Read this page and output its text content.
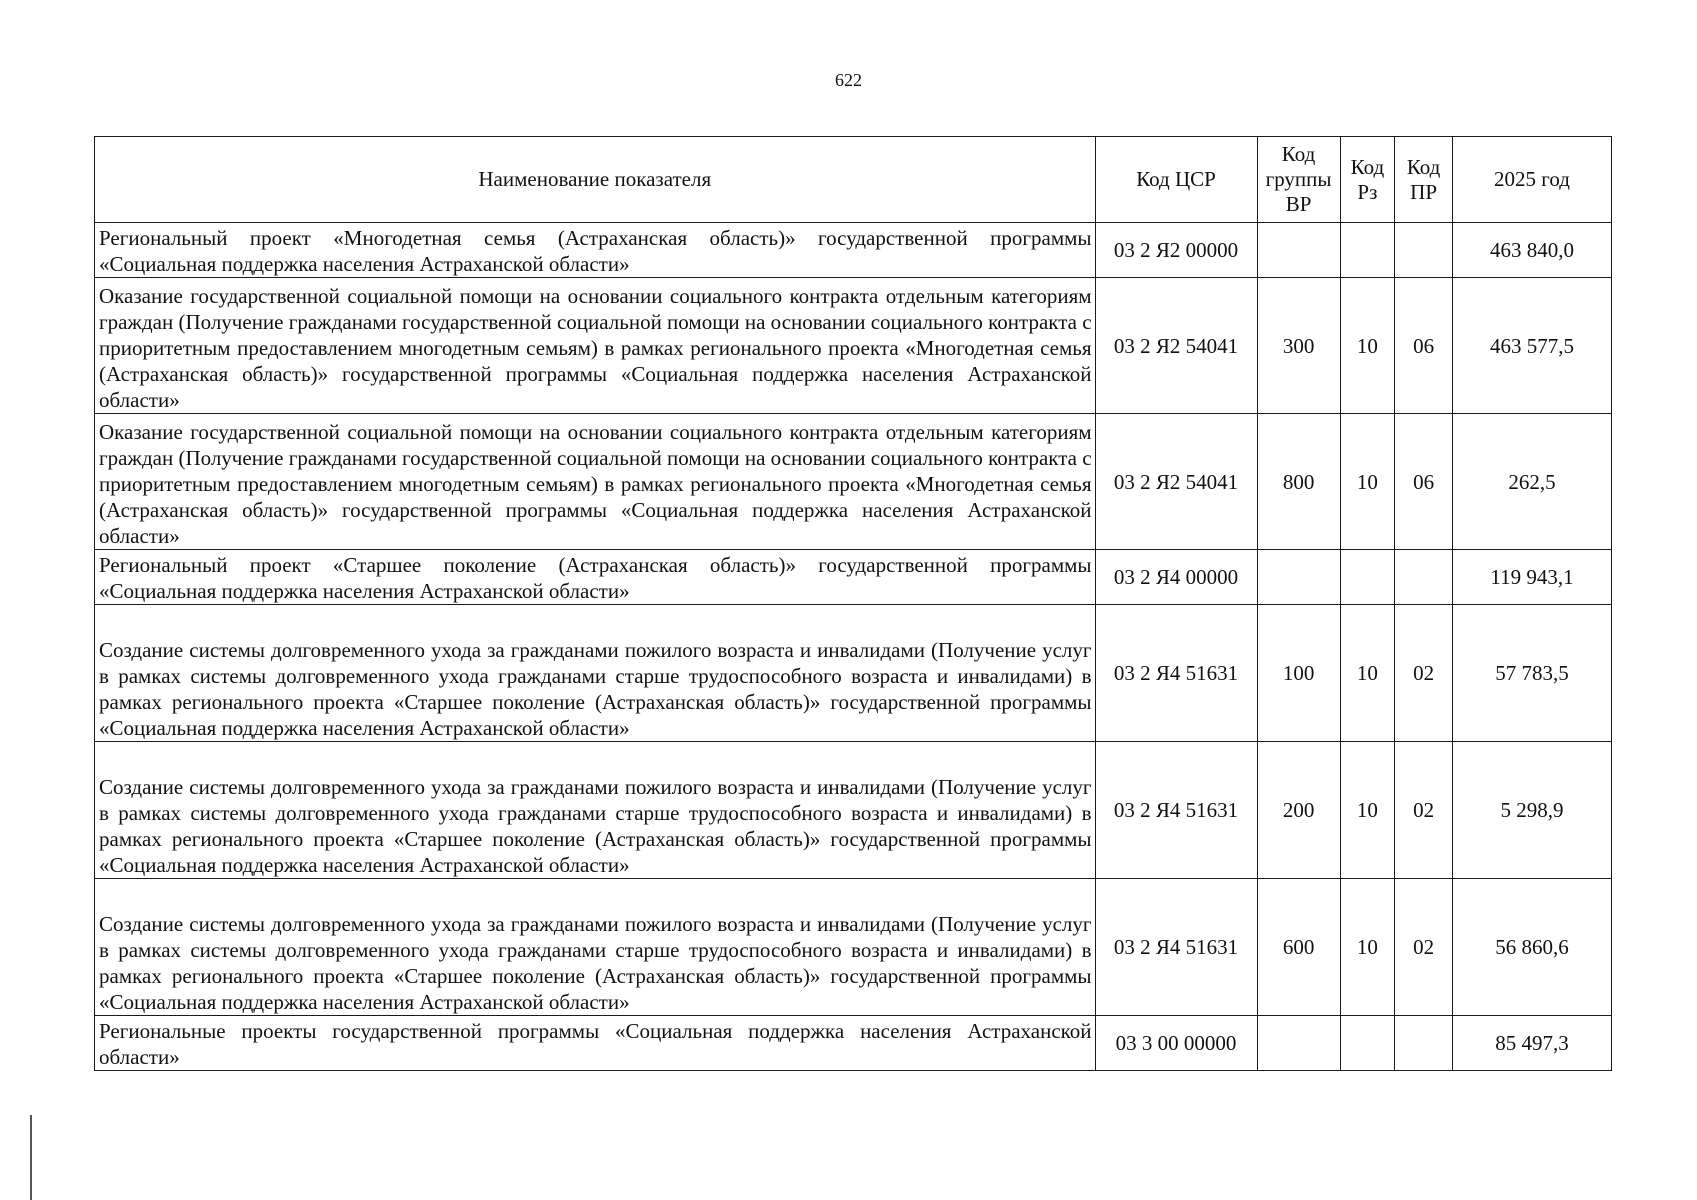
622
Наименование показателя	Код ЦСР	Код группы ВР	Код Рз	Код ПР	2025 год
Региональный проект «Многодетная семья (Астраханская область)» государственной программы «Социальная поддержка населения Астраханской области»	03 2 Я2 00000				463 840,0
Оказание государственной социальной помощи на основании социального контракта отдельным категориям граждан (Получение гражданами государственной социальной помощи на основании социального контракта с приоритетным предоставлением многодетным семьям) в рамках регионального проекта «Многодетная семья (Астраханская область)» государственной программы «Социальная поддержка населения Астраханской области»	03 2 Я2 54041	300	10	06	463 577,5
Оказание государственной социальной помощи на основании социального контракта отдельным категориям граждан (Получение гражданами государственной социальной помощи на основании социального контракта с приоритетным предоставлением многодетным семьям) в рамках регионального проекта «Многодетная семья (Астраханская область)» государственной программы «Социальная поддержка населения Астраханской области»	03 2 Я2 54041	800	10	06	262,5
Региональный проект «Старшее поколение (Астраханская область)» государственной программы «Социальная поддержка населения Астраханской области»	03 2 Я4 00000				119 943,1
Создание системы долговременного ухода за гражданами пожилого возраста и инвалидами (Получение услуг в рамках системы долговременного ухода гражданами старше трудоспособного возраста и инвалидами) в рамках регионального проекта «Старшее поколение (Астраханская область)» государственной программы «Социальная поддержка населения Астраханской области»	03 2 Я4 51631	100	10	02	57 783,5
Создание системы долговременного ухода за гражданами пожилого возраста и инвалидами (Получение услуг в рамках системы долговременного ухода гражданами старше трудоспособного возраста и инвалидами) в рамках регионального проекта «Старшее поколение (Астраханская область)» государственной программы «Социальная поддержка населения Астраханской области»	03 2 Я4 51631	200	10	02	5 298,9
Создание системы долговременного ухода за гражданами пожилого возраста и инвалидами (Получение услуг в рамках системы долговременного ухода гражданами старше трудоспособного возраста и инвалидами) в рамках регионального проекта «Старшее поколение (Астраханская область)» государственной программы «Социальная поддержка населения Астраханской области»	03 2 Я4 51631	600	10	02	56 860,6
Региональные проекты государственной программы «Социальная поддержка населения Астраханской области»	03 3 00 00000				85 497,3
